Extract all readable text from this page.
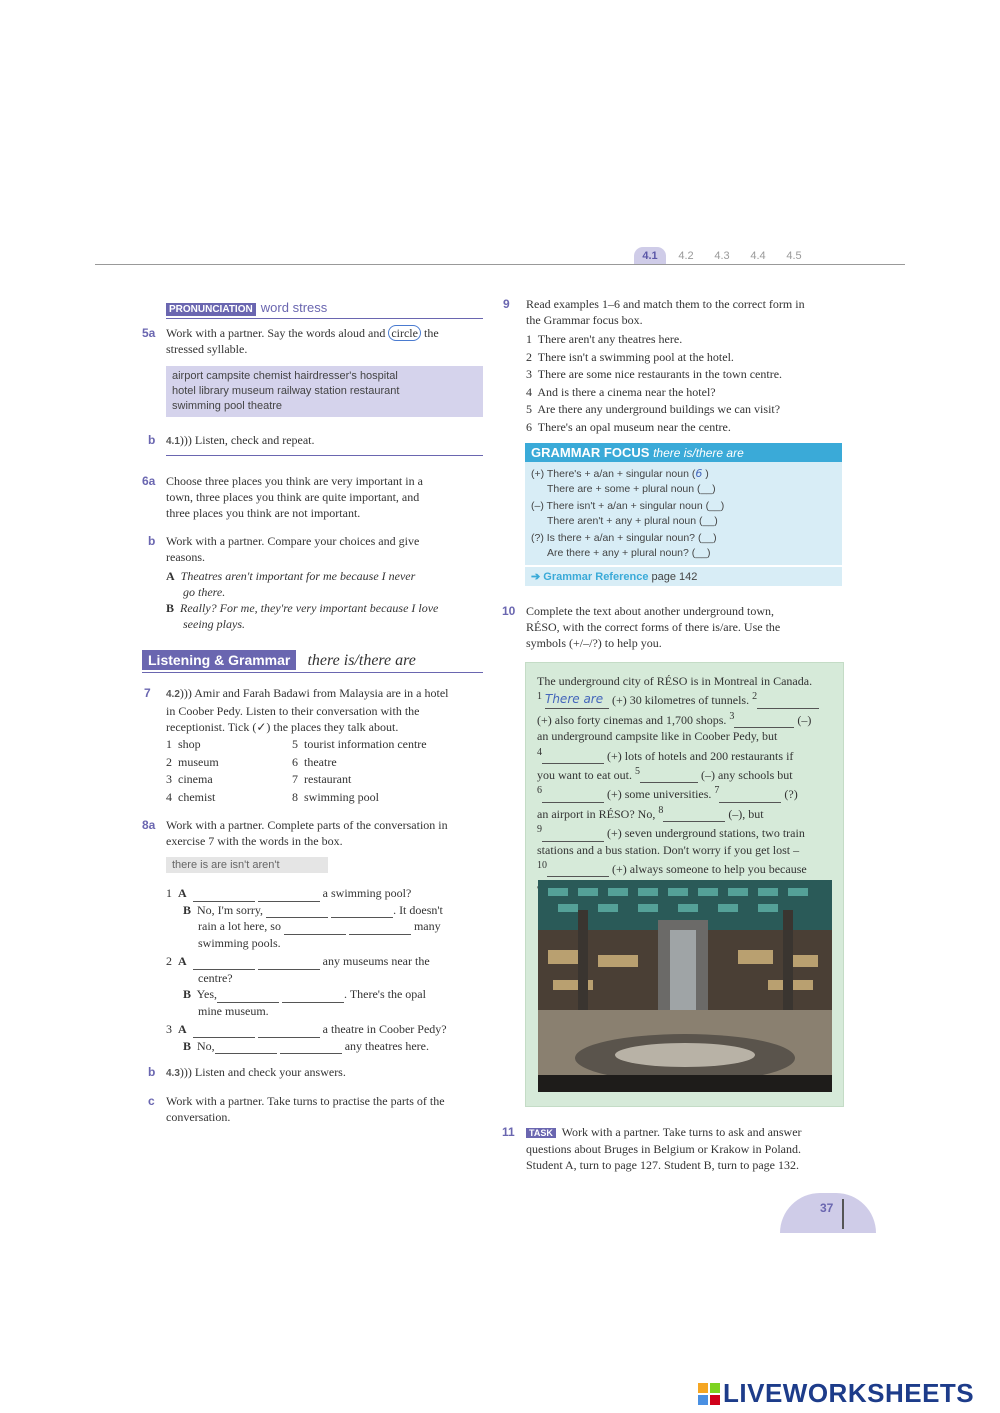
4.1	4.2	4.3	4.4	4.5
PRONUNCIATION word stress
5a Work with a partner. Say the words aloud and circle the
stressed syllable.
airport campsite chemist hairdresser's hospital
hotel library museum railway station restaurant
swimming pool theatre
b 4.1))) Listen, check and repeat.
6a Choose three places you think are very important in a
town, three places you think are quite important, and
three places you think are not important.
b Work with a partner. Compare your choices and give
reasons.
A Theatres aren't important for me because I never
go there.
B Really? For me, they're very important because I love
seeing plays.
Listening & Grammar there is/there are
7 4.2))) Amir and Farah Badawi from Malaysia are in a hotel
in Coober Pedy. Listen to their conversation with the
receptionist. Tick (✓) the places they talk about.
1 shop
2 museum
3 cinema
4 chemist
5 tourist information centre
6 theatre
7 restaurant
8 swimming pool
8a Work with a partner. Complete parts of the conversation in
exercise 7 with the words in the box.
there is are isn't aren't
1  A	a swimming pool?
B No, I'm sorry,	. It doesn't
rain a lot here, so	many
swimming pools.
2  A	any museums near the
centre?
B Yes,	. There's the opal
mine museum.
3  A	a theatre in Coober Pedy?
B No,	any theatres here.
b 4.3))) Listen and check your answers.
c Work with a partner. Take turns to practise the parts of the
conversation.
9 Read examples 1–6 and match them to the correct form in
the Grammar focus box.
1  There aren't any theatres here.
2  There isn't a swimming pool at the hotel.
3  There are some nice restaurants in the town centre.
4  And is there a cinema near the hotel?
5  Are there any underground buildings we can visit?
6  There's an opal museum near the centre.
GRAMMAR FOCUS there is/there are
(+) There's + a/an + singular noun (6 )
There are + some + plural noun (__)
(–) There isn't + a/an + singular noun (__)
There aren't + any + plural noun (__)
(?) Is there + a/an + singular noun? (__)
Are there + any + plural noun? (__)
➔ Grammar Reference page 142
10 Complete the text about another underground town,
RÉSO, with the correct forms of there is/are. Use the
symbols (+/–/?) to help you.
The underground city of RÉSO is in Montreal in Canada.
$^1$ There are (+) 30 kilometres of tunnels. $^2$
(+) also forty cinemas and 1,700 shops. $^3$	(–)
an underground campsite like in Coober Pedy, but
$^4$	(+) lots of hotels and 200 restaurants if
you want to eat out. $^5$	(–) any schools but
$^6$	(+) some universities. $^7$	(?)
an airport in RÉSO? No, $^8$	(–), but
$^9$	(+) seven underground stations, two train
stations and a bus station. Don't worry if you get lost –
$^{10}$	(+) always someone to help you because
11	TASK Work with a partner. Take turns to ask and answer
questions about Bruges in Belgium or Krakow in Poland.
Student A, turn to page 127. Student B, turn to page 132.
37
LIVEWORKSHEETS
